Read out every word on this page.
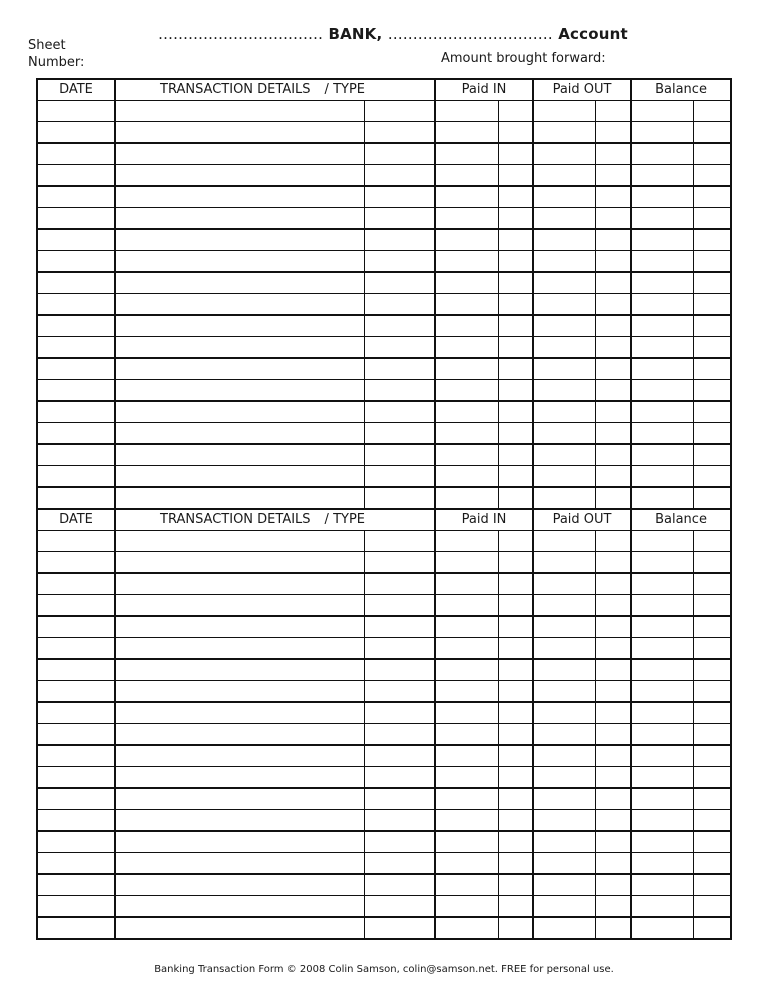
Sheet
Number:
…………………………… BANK, …………………………… Account
Amount brought forward:
DATE	TRANSACTION DETAILS / TYPE		Paid IN		Paid OUT		Balance	

DATE	TRANSACTION DETAILS / TYPE		Paid IN		Paid OUT		Balance	

Banking Transaction Form © 2008 Colin Samson, colin@samson.net. FREE for personal use.
